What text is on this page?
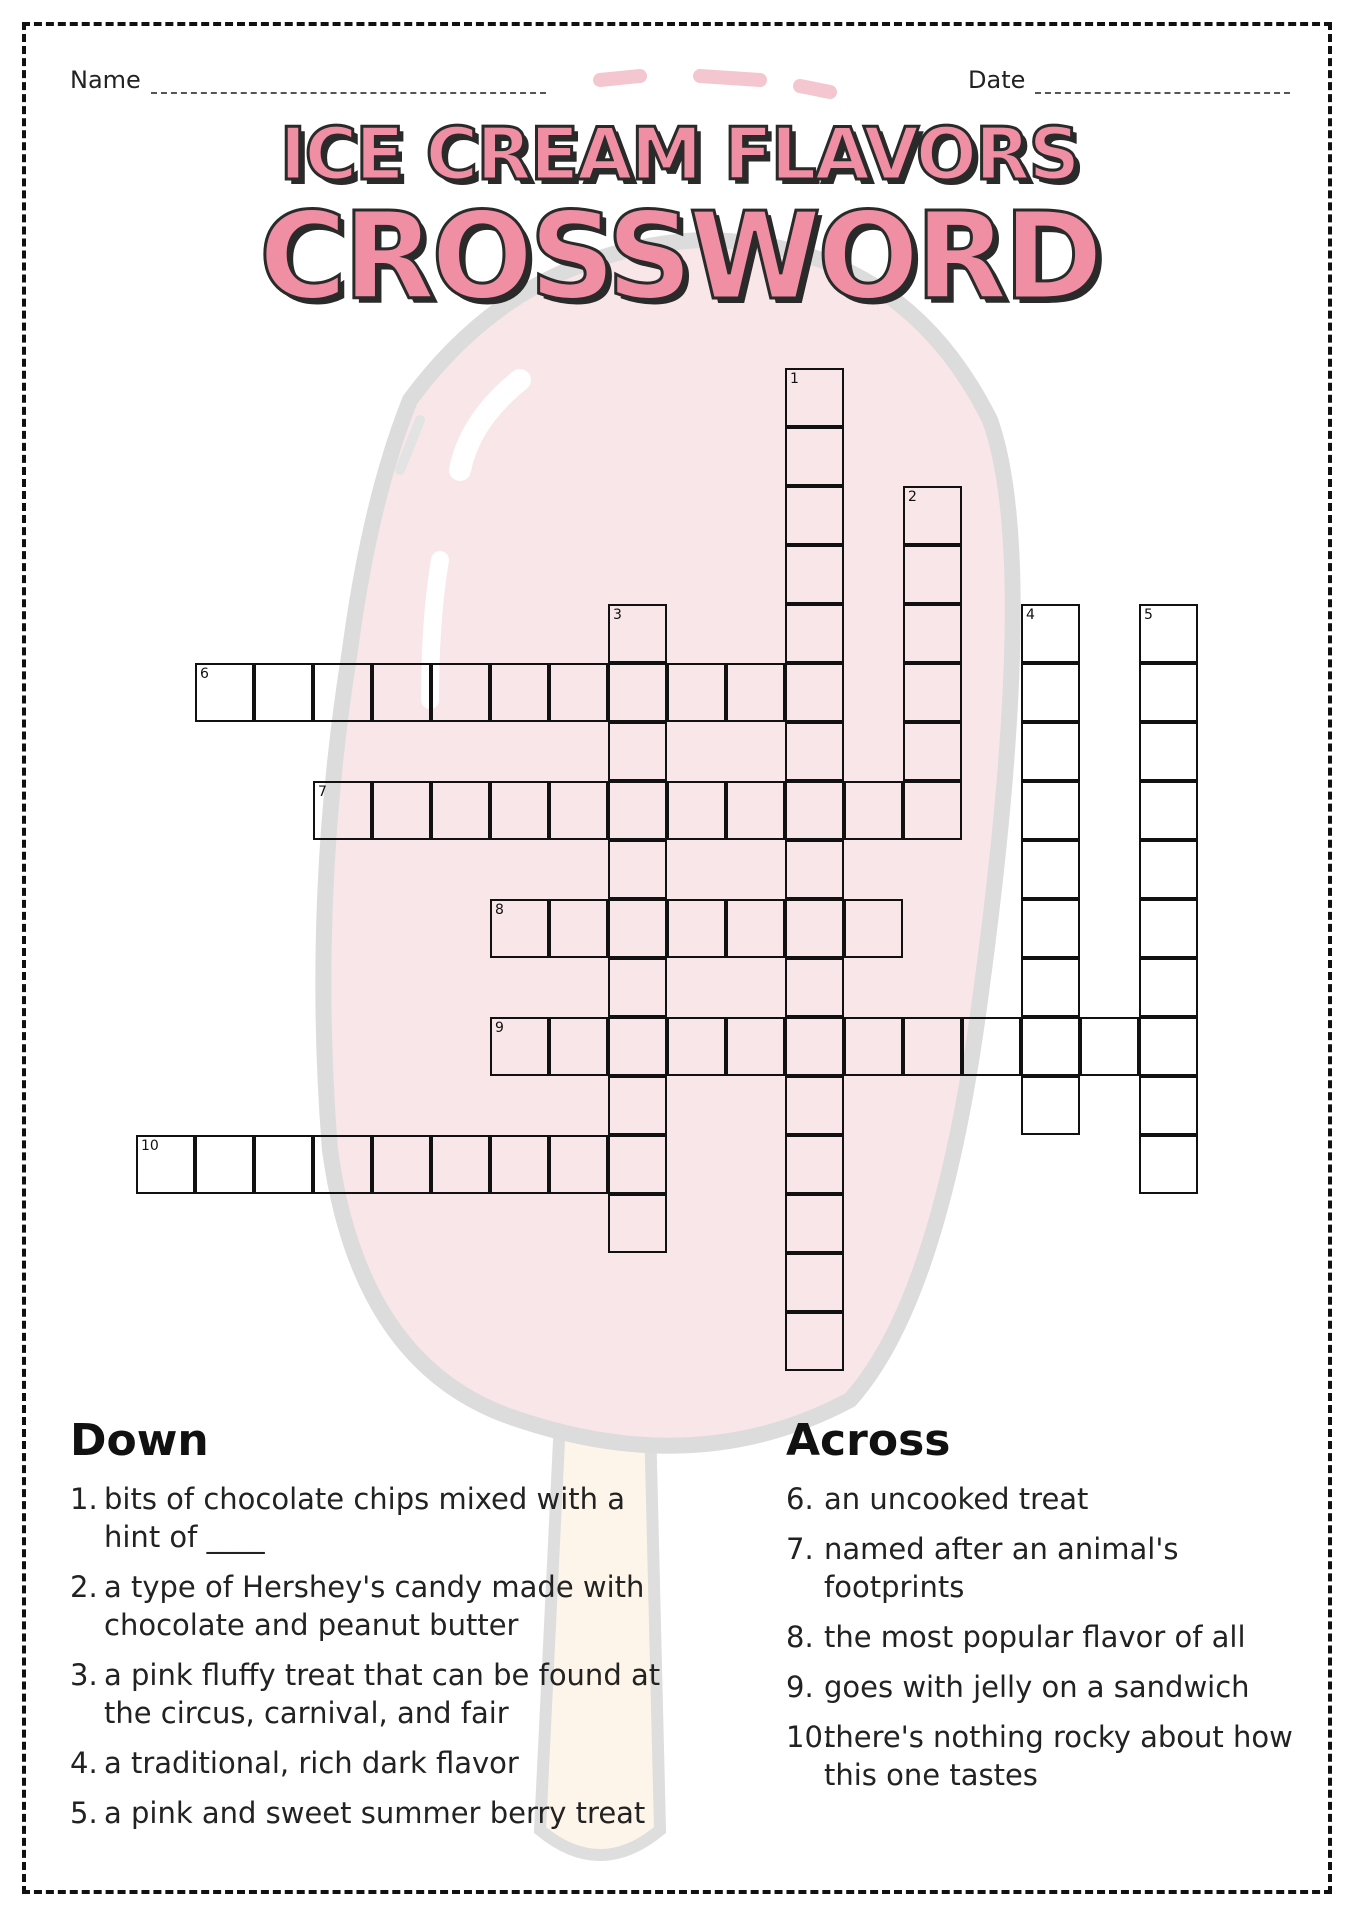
Name	Date
ICE CREAM FLAVORS
CROSSWORD
1
2
3	4	5
6
7
8
9
10
Down
1. bits of chocolate chips mixed with a hint of ____
2. a type of Hershey's candy made with chocolate and peanut butter
3. a pink fluffy treat that can be found at the circus, carnival, and fair
4. a traditional, rich dark flavor
5. a pink and sweet summer berry treat
Across
6. an uncooked treat
7. named after an animal's footprints
8. the most popular flavor of all
9. goes with jelly on a sandwich
10.
there's nothing rocky about how this one tastes
